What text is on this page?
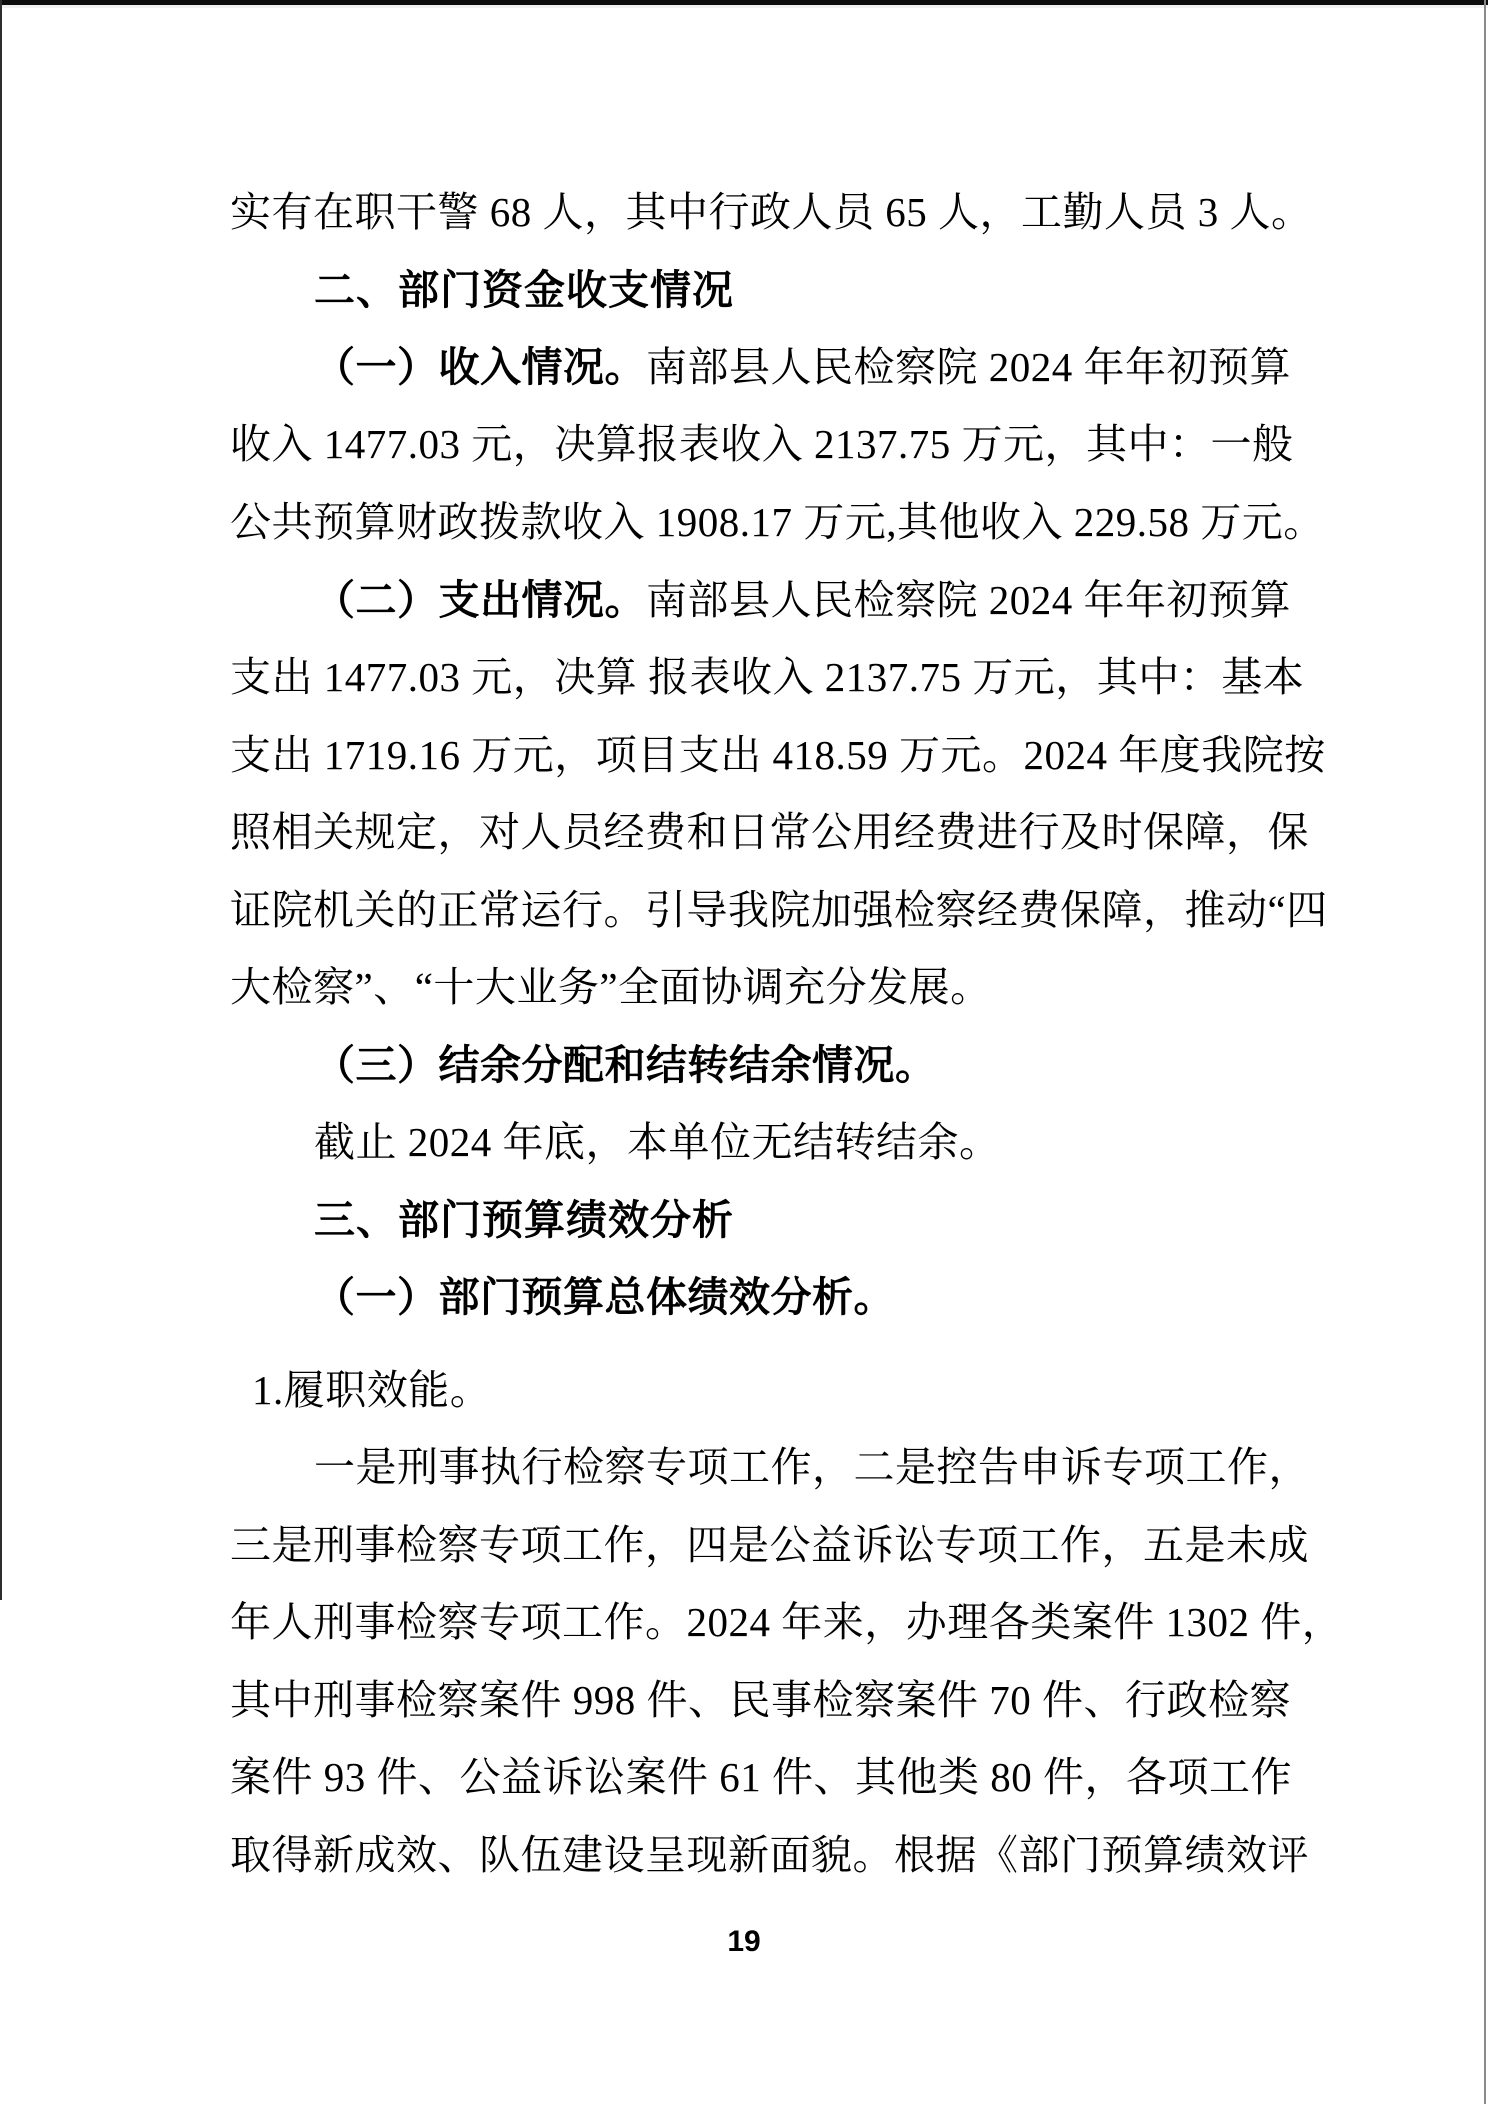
实有在职干警 68 人，其中行政人员 65 人，工勤人员 3 人。
二、部门资金收支情况
（一）收入情况。南部县人民检察院 2024 年年初预算
收入 1477.03 元，决算报表收入 2137.75 万元，其中：一般
公共预算财政拨款收入 1908.17 万元,其他收入 229.58 万元。
（二）支出情况。南部县人民检察院 2024 年年初预算
支出 1477.03 元，决算 报表收入 2137.75 万元，其中：基本
支出 1719.16 万元，项目支出 418.59 万元。2024 年度我院按
照相关规定，对人员经费和日常公用经费进行及时保障，保
证院机关的正常运行。引导我院加强检察经费保障，推动“四
大检察”、“十大业务”全面协调充分发展。
（三）结余分配和结转结余情况。
截止 2024 年底，本单位无结转结余。
三、部门预算绩效分析
（一）部门预算总体绩效分析。
1.履职效能。
一是刑事执行检察专项工作，二是控告申诉专项工作，
三是刑事检察专项工作，四是公益诉讼专项工作，五是未成
年人刑事检察专项工作。2024 年来，办理各类案件 1302 件，
其中刑事检察案件 998 件、民事检察案件 70 件、行政检察
案件 93 件、公益诉讼案件 61 件、其他类 80 件，各项工作
取得新成效、队伍建设呈现新面貌。根据《部门预算绩效评
19
